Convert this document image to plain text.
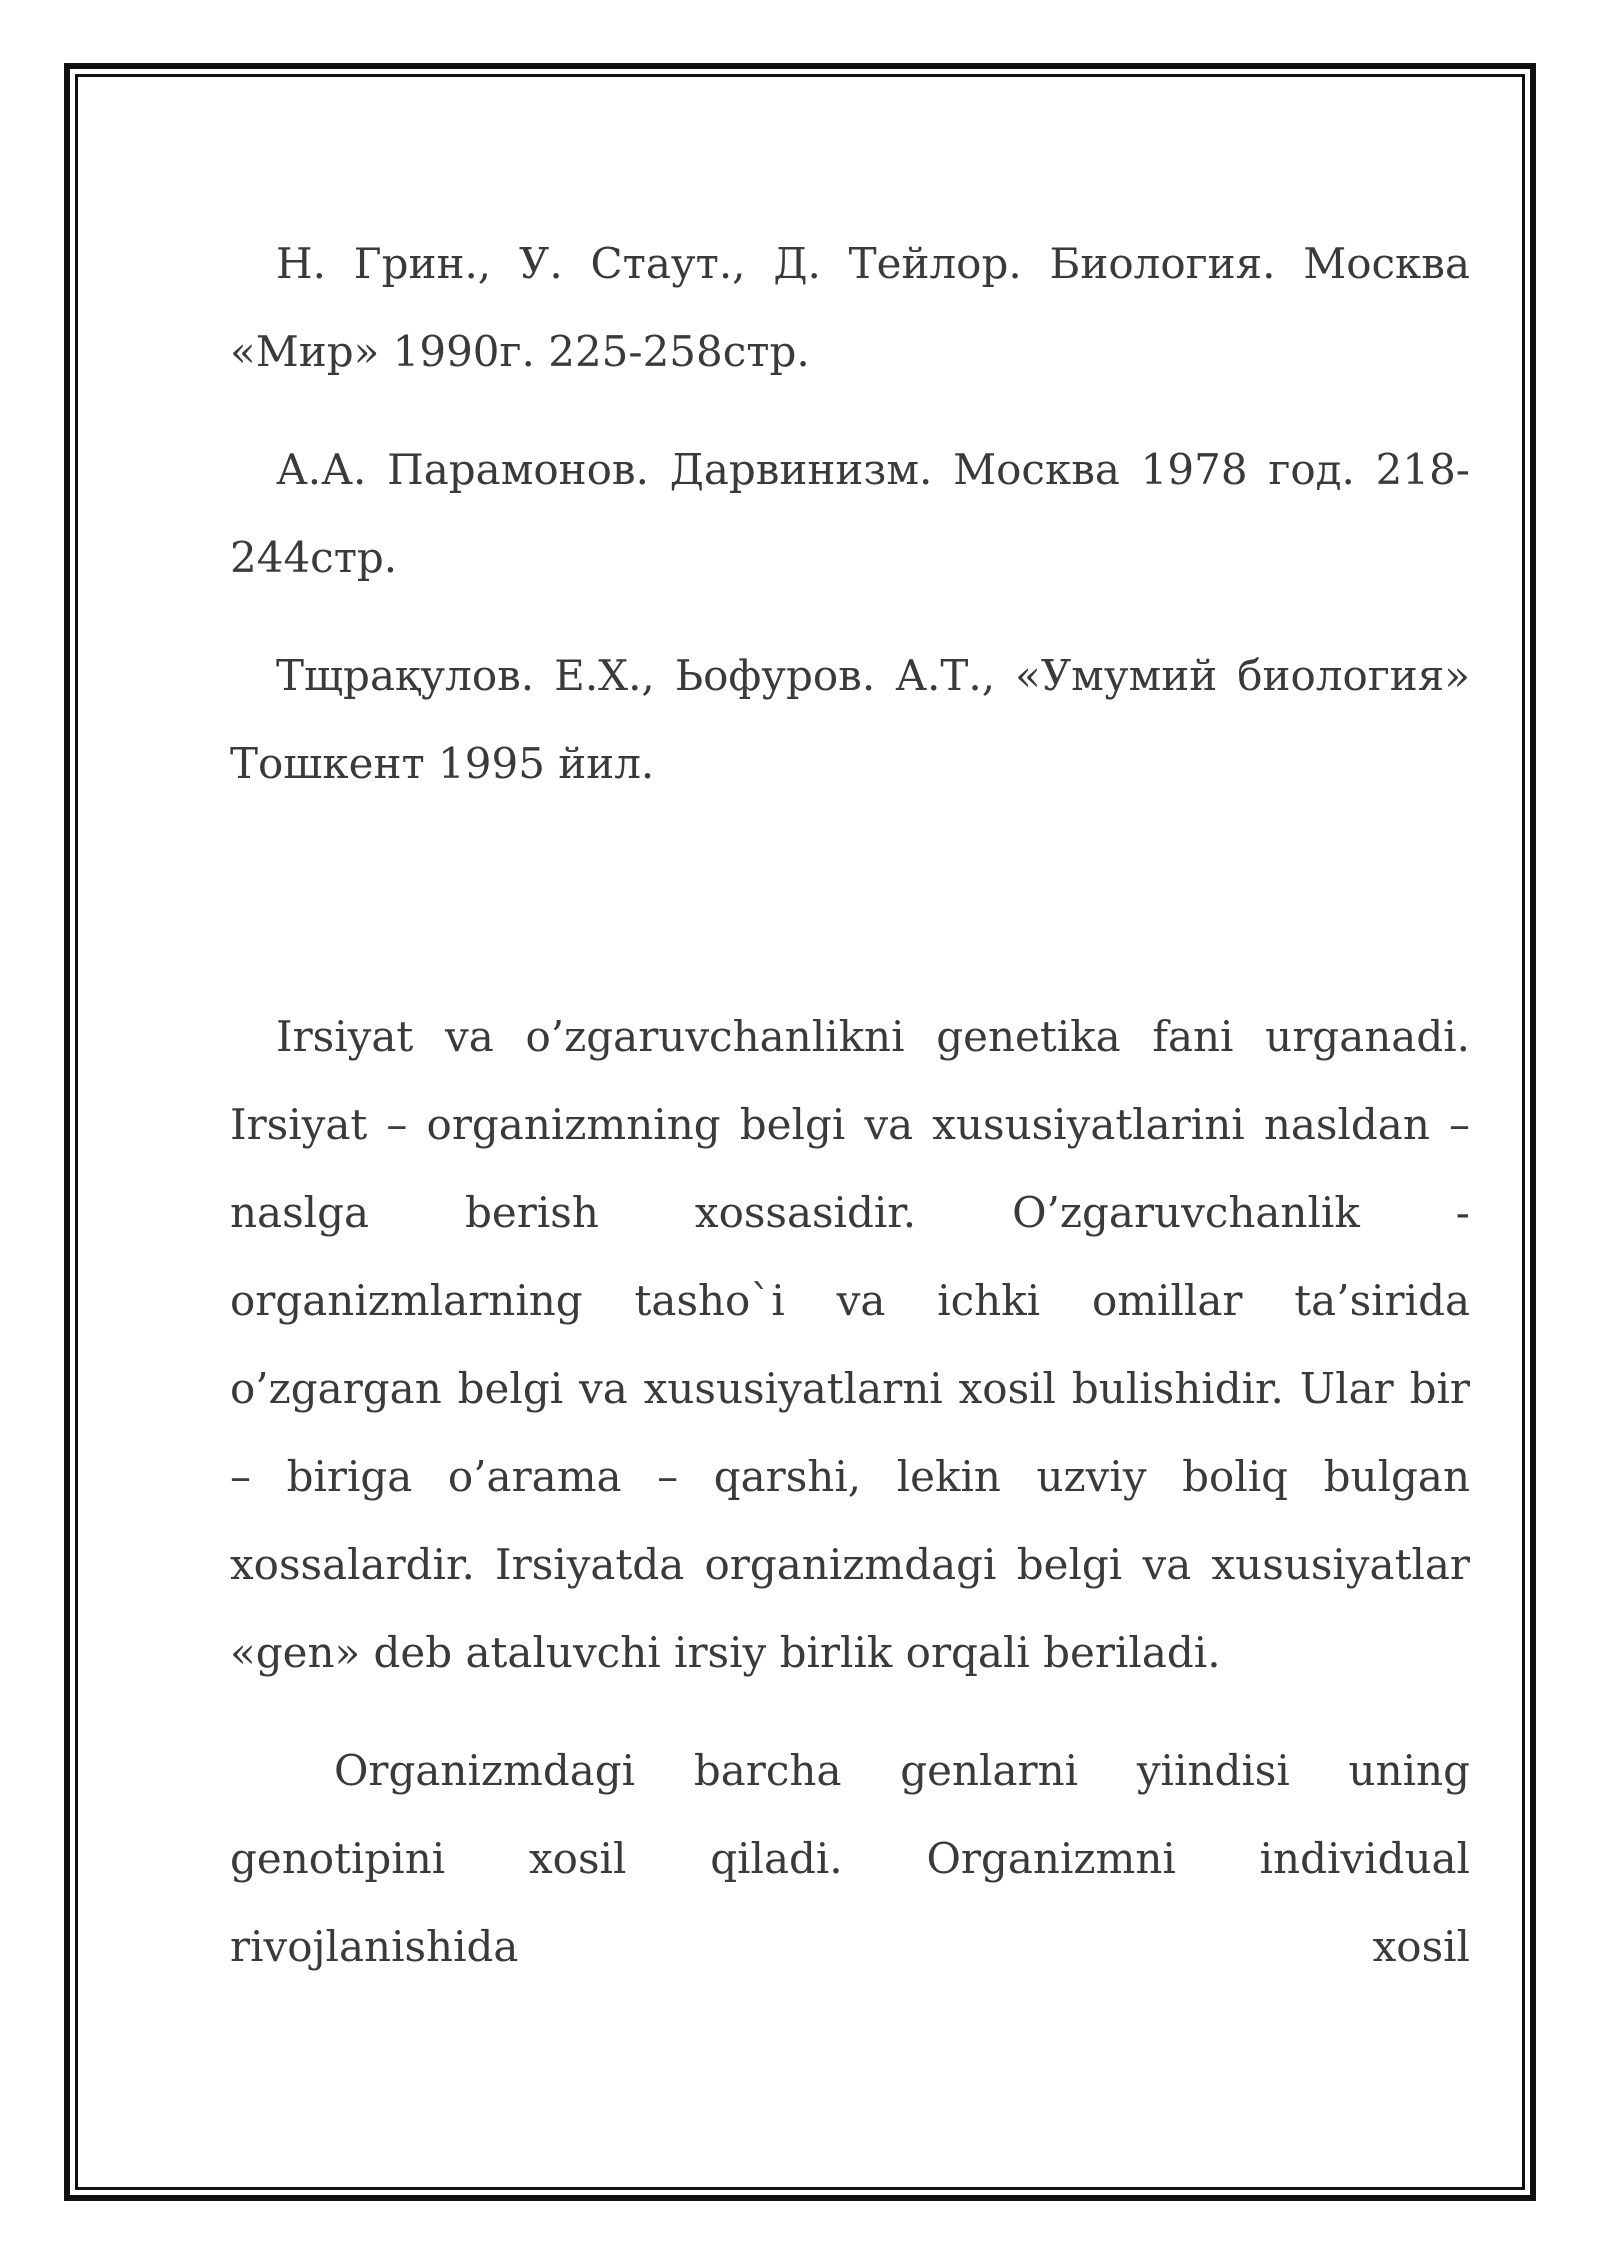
Н. Грин., У. Стаут., Д. Тейлор. Биология. Москва «Мир» 1990г. 225-258стр.

А.А. Парамонов. Дарвинизм. Москва 1978 год. 218-244стр.

Тщрақулов. Е.Х., Ьофуров. А.Т., «Умумий биология» Тошкент 1995 йил.

Irsiyat va o’zgaruvchanlikni genetika fani urganadi. Irsiyat – organizmning belgi va xususiyatlarini nasldan – naslga berish xossasidir. O’zgaruvchanlik - organizmlarning tasho`i va ichki omillar ta’sirida o’zgargan belgi va xususiyatlarni xosil bulishidir. Ular bir – biriga o’arama – qarshi, lekin uzviy boliq bulgan xossalardir. Irsiyatda organizmdagi belgi va xususiyatlar «gen» deb ataluvchi irsiy birlik orqali beriladi.

Organizmdagi barcha genlarni yiindisi uning genotipini xosil qiladi. Organizmni individual rivojlanishida xosil
